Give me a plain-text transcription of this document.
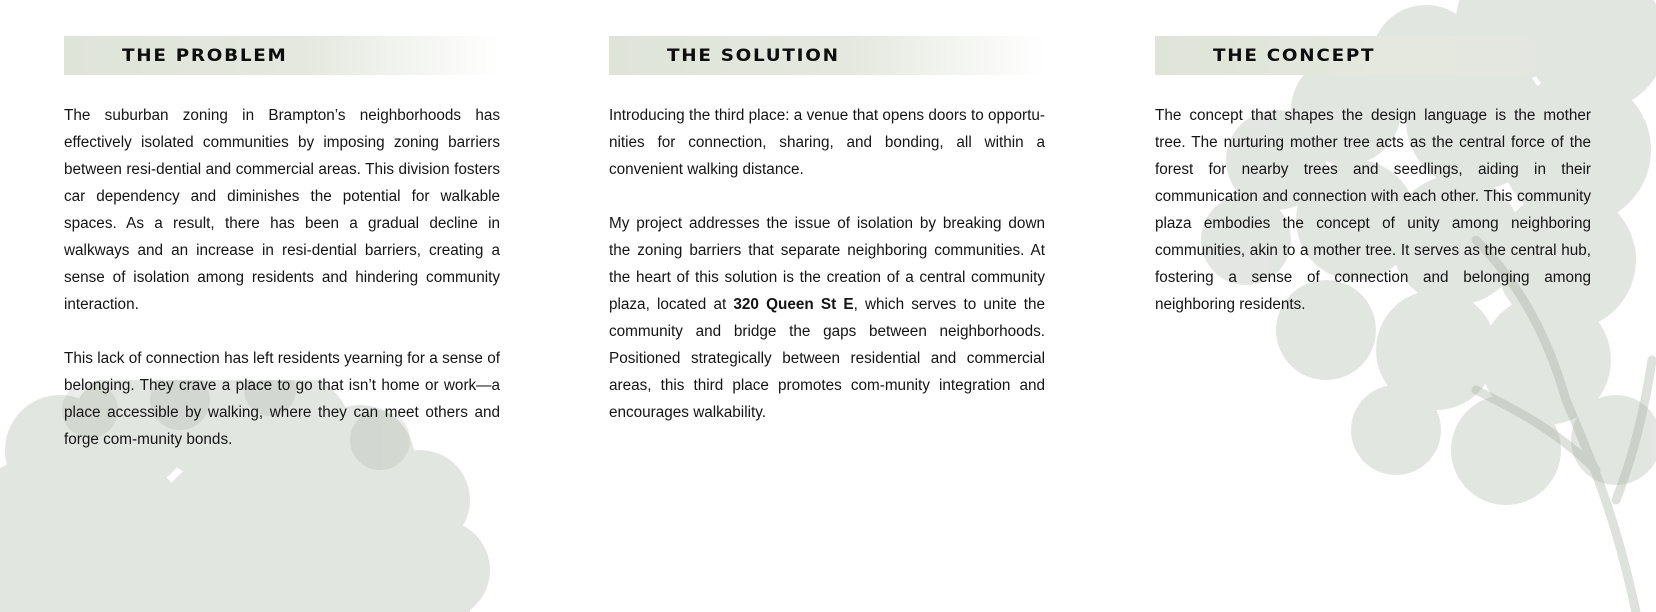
THE PROBLEM

The suburban zoning in Brampton’s neighborhoods has effectively isolated communities by imposing zoning barriers between resi-dential and commercial areas. This division fosters car dependency and diminishes the potential for walkable spaces. As a result, there has been a gradual decline in walkways and an increase in resi-dential barriers, creating a sense of isolation among residents and hindering community interaction.

This lack of connection has left residents yearning for a sense of belonging. They crave a place to go that isn’t home or work—a place accessible by walking, where they can meet others and forge com-munity bonds.

THE SOLUTION

Introducing the third place: a venue that opens doors to opportu-nities for connection, sharing, and bonding, all within a convenient walking distance.

My project addresses the issue of isolation by breaking down the zoning barriers that separate neighboring communities. At the heart of this solution is the creation of a central community plaza, located at 320 Queen St E, which serves to unite the community and bridge the gaps between neighborhoods. Positioned strategically between residential and commercial areas, this third place promotes com-munity integration and encourages walkability.

THE CONCEPT

The concept that shapes the design language is the mother tree. The nurturing mother tree acts as the central force of the forest for nearby trees and seedlings, aiding in their communication and connection with each other. This community plaza embodies the concept of unity among neighboring communities, akin to a mother tree. It serves as the central hub, fostering a sense of connection and belonging among neighboring residents.
